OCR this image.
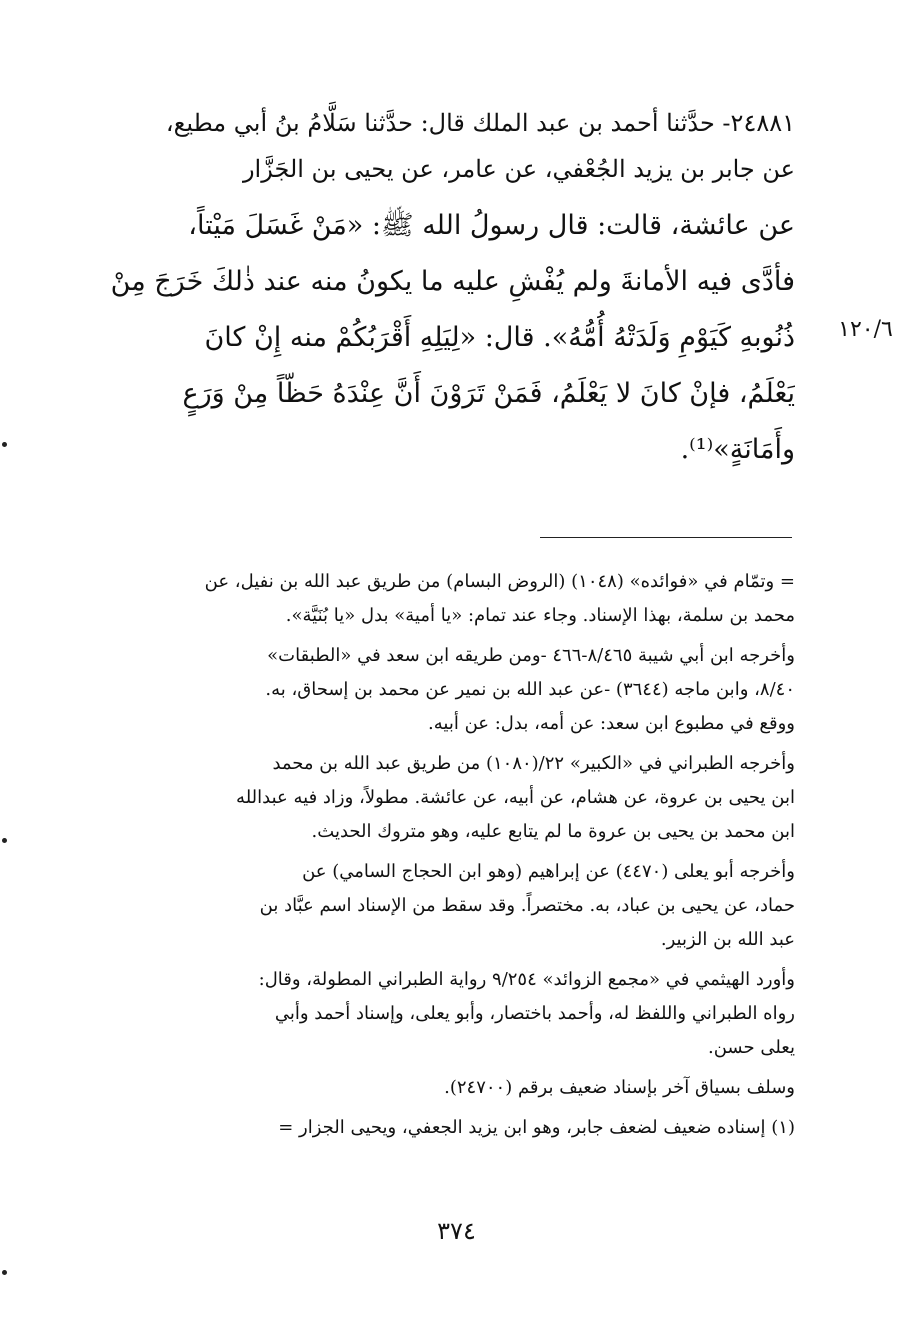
٢٤٨٨١- حدَّثنا أحمد بن عبد الملك قال: حدَّثنا سَلَّامُ بنُ أبي مطيع،
عن جابر بن يزيد الجُعْفي، عن عامر، عن يحيى بن الجَزَّار
عن عائشة، قالت: قال رسولُ الله ﷺ: «مَنْ غَسَلَ مَيْتاً،
فأدَّى فيه الأمانةَ ولم يُفْشِ عليه ما يكونُ منه عند ذٰلكَ خَرَجَ مِنْ
ذُنُوبهِ كَيَوْمِ وَلَدَتْهُ أُمُّهُ». قال: «لِيَلِهِ أَقْرَبُكُمْ منه إِنْ كانَ
يَعْلَمُ، فإنْ كانَ لا يَعْلَمُ، فَمَنْ تَرَوْنَ أَنَّ عِنْدَهُ حَظّاً مِنْ وَرَعٍ
وأَمَانَةٍ»⁽¹⁾.
١٢٠/٦
= وتمّام في «فوائده» (١٠٤٨) (الروض البسام) من طريق عبد الله بن نفيل، عن
محمد بن سلمة، بهذا الإسناد. وجاء عند تمام: «يا أمية» بدل «يا بُنَيَّة».
وأخرجه ابن أبي شيبة ٨/٤٦٥-٤٦٦ -ومن طريقه ابن سعد في «الطبقات»
٨/٤٠، وابن ماجه (٣٦٤٤) -عن عبد الله بن نمير عن محمد بن إسحاق، به.
ووقع في مطبوع ابن سعد: عن أمه، بدل: عن أبيه.
وأخرجه الطبراني في «الكبير» ٢٢/(١٠٨٠) من طريق عبد الله بن محمد
ابن يحيى بن عروة، عن هشام، عن أبيه، عن عائشة. مطولاً، وزاد فيه عبدالله
ابن محمد بن يحيى بن عروة ما لم يتابع عليه، وهو متروك الحديث.
وأخرجه أبو يعلى (٤٤٧٠) عن إبراهيم (وهو ابن الحجاج السامي) عن
حماد، عن يحيى بن عباد، به. مختصراً. وقد سقط من الإسناد اسم عبَّاد بن
عبد الله بن الزبير.
وأورد الهيثمي في «مجمع الزوائد» ٩/٢٥٤ رواية الطبراني المطولة، وقال:
رواه الطبراني واللفظ له، وأحمد باختصار، وأبو يعلى، وإسناد أحمد وأبي
يعلى حسن.
وسلف بسياق آخر بإسناد ضعيف برقم (٢٤٧٠٠).
(١) إسناده ضعيف لضعف جابر، وهو ابن يزيد الجعفي، ويحيى الجزار =
٣٧٤
